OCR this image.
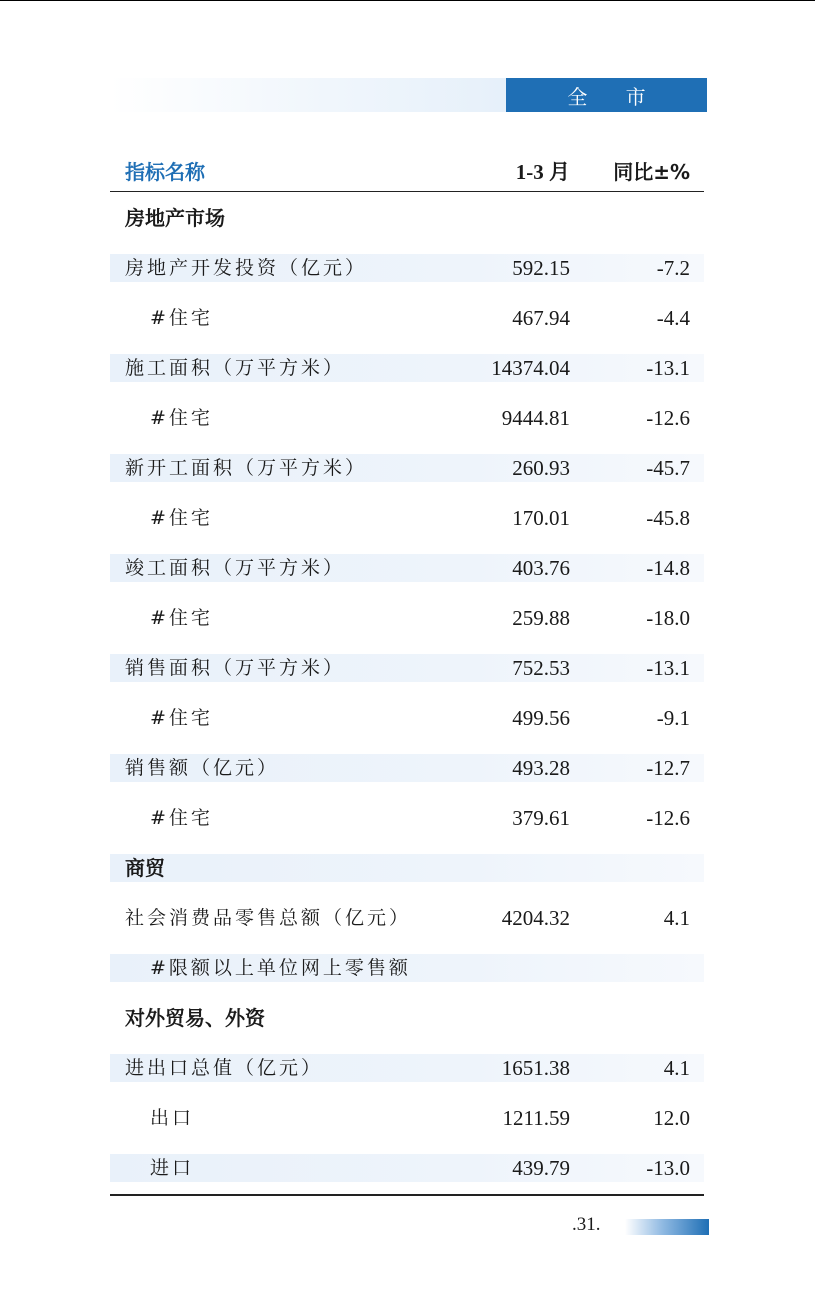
全 市
指标名称	1-3 月 同比±%
房地产市场
房地产开发投资（亿元）	592.15	-7.2
#住宅	467.94	-4.4
施工面积（万平方米）	14374.04	-13.1
#住宅	9444.81	-12.6
新开工面积（万平方米）	260.93	-45.7
#住宅	170.01	-45.8
竣工面积（万平方米）	403.76	-14.8
#住宅	259.88	-18.0
销售面积（万平方米）	752.53	-13.1
#住宅	499.56	-9.1
销售额（亿元）	493.28	-12.7
#住宅	379.61	-12.6
商贸
社会消费品零售总额（亿元）	4204.32	4.1
#限额以上单位网上零售额
对外贸易、外资
进出口总值（亿元）	1651.38	4.1
出口	1211.59	12.0
进口	439.79	-13.0
.31.
